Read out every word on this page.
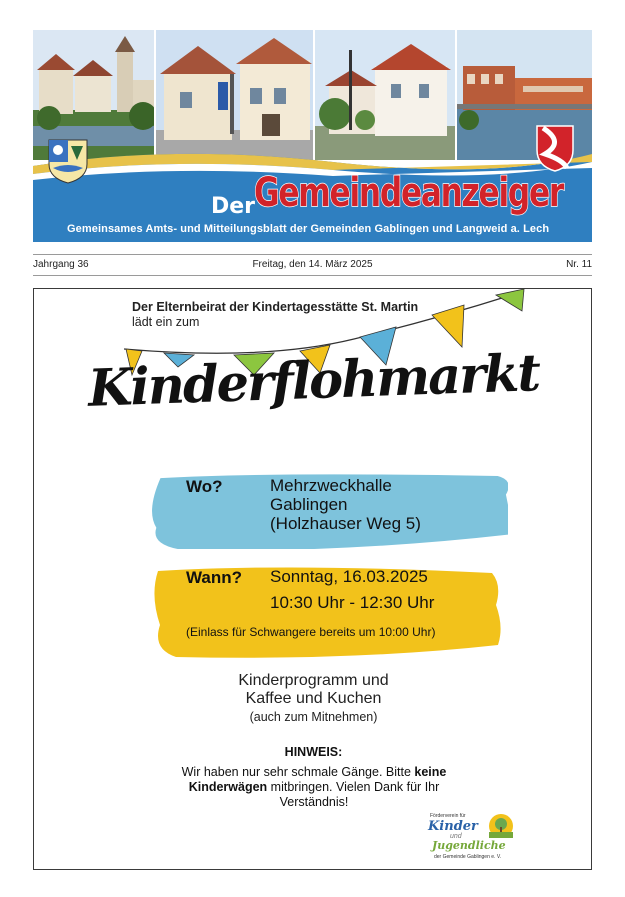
Der
Gemeindeanzeiger
Gemeinsames Amts- und Mitteilungsblatt der Gemeinden Gablingen und Langweid a. Lech
Freitag, den 14. März 2025
Jahrgang 36	Nr. 11
Der Elternbeirat der Kindertagesstätte St. Martin
lädt ein zum
Kinderflohmarkt
Wo?	Mehrzweckhalle
Gablingen
(Holzhauser Weg 5)
Wann? Sonntag, 16.03.2025
10:30 Uhr - 12:30 Uhr
(Einlass für Schwangere bereits um 10:00 Uhr)
Kinderprogramm und
Kaffee und Kuchen
(auch zum Mitnehmen)
HINWEIS:
Wir haben nur sehr schmale Gänge. Bitte keine Kinderwägen mitbringen. Vielen Dank für Ihr Verständnis!
Förderverein für
Kinder
und
Jugendliche
der Gemeinde Gablingen e. V.
